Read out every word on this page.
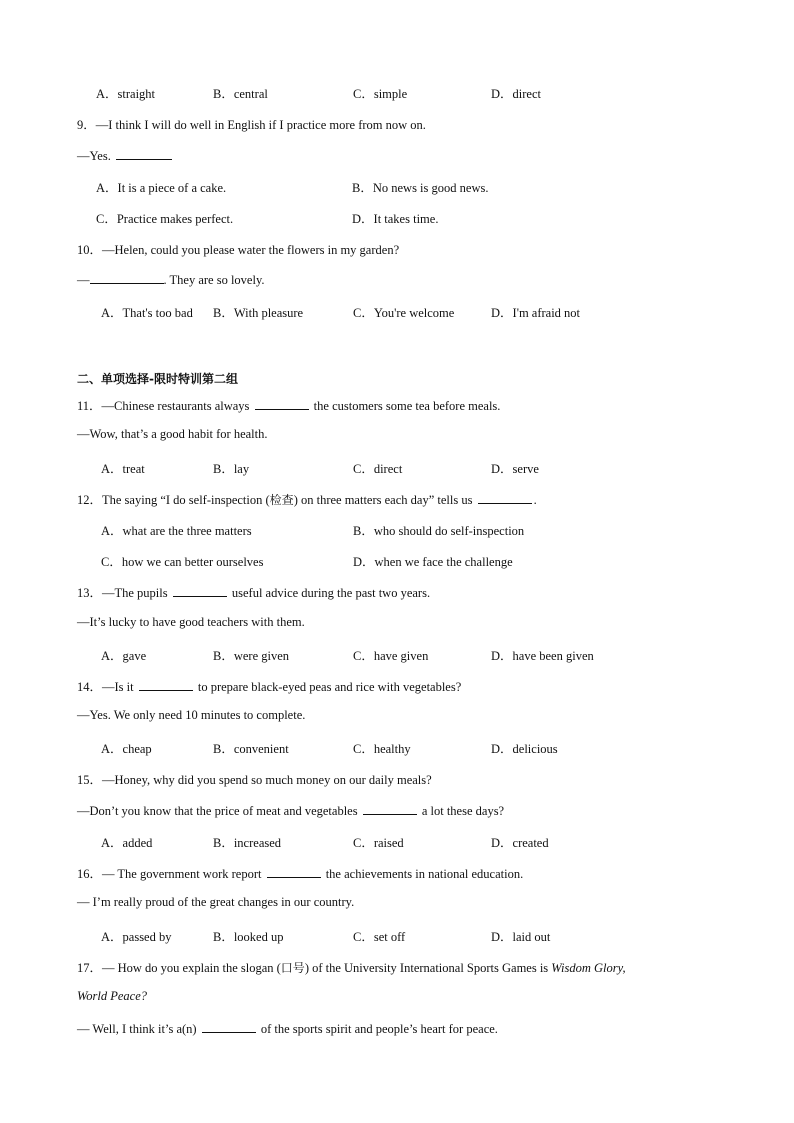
A．straight	B．central	C．simple	D．direct
9．—I think I will do well in English if I practice more from now on.
—Yes.
A．It is a piece of a cake.	B．No news is good news.
C．Practice makes perfect.	D．It takes time.
10．—Helen, could you please water the flowers in my garden?
—	. They are so lovely.
A．That's too bad B．With pleasure	C．You're welcome	D．I'm afraid not
二、单项选择-限时特训第二组
11．—Chinese restaurants always	the customers some tea before meals.
—Wow, that’s a good habit for health.
A．treat	B．lay	C．direct	D．serve
12．The saying “I do self-inspection (检查) on three matters each day” tells us	.
A．what are the three matters	B．who should do self-inspection
C．how we can better ourselves	D．when we face the challenge
13．—The pupils	useful advice during the past two years.
—It’s lucky to have good teachers with them.
A．gave	B．were given	C．have given	D．have been given
14．—Is it	to prepare black-eyed peas and rice with vegetables?
—Yes. We only need 10 minutes to complete.
A．cheap	B．convenient	C．healthy	D．delicious
15．—Honey, why did you spend so much money on our daily meals?
—Don’t you know that the price of meat and vegetables	a lot these days?
A．added	B．increased	C．raised	D．created
16．— The government work report	the achievements in national education.
— I’m really proud of the great changes in our country.
A．passed by	B．looked up	C．set off	D．laid out
17．— How do you explain the slogan (口号) of the University International Sports Games is Wisdom Glory,
World Peace?
— Well, I think it’s a(n)	of the sports spirit and people’s heart for peace.
